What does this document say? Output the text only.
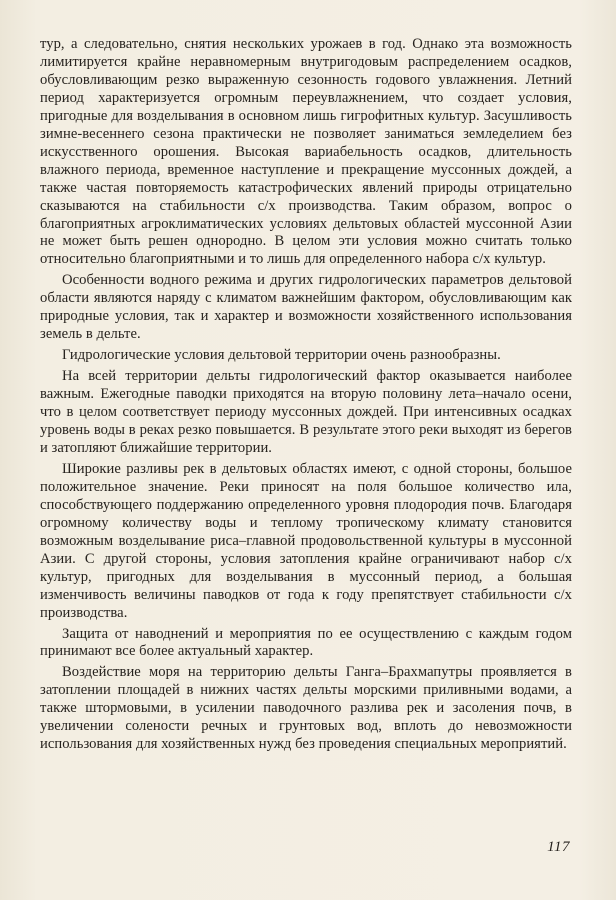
тур, а следовательно, снятия нескольких урожаев в год. Однако эта возможность лимитируется крайне неравномерным внутригодовым распределением осадков, обусловливающим резко выраженную сезонность годового увлажнения. Летний период характеризуется огромным переувлажнением, что создает условия, пригодные для возделывания в основном лишь гигрофитных культур. Засушливость зимне-весеннего сезона практически не позволяет заниматься земледелием без искусственного орошения. Высокая вариабельность осадков, длительность влажного периода, временное наступление и прекращение муссонных дождей, а также частая повторяемость катастрофических явлений природы отрицательно сказываются на стабильности с/х производства. Таким образом, вопрос о благоприятных агроклиматических условиях дельтовых областей муссонной Азии не может быть решен однородно. В целом эти условия можно считать только относительно благоприятными и то лишь для определенного набора с/х культур.

Особенности водного режима и других гидрологических параметров дельтовой области являются наряду с климатом важнейшим фактором, обусловливающим как природные условия, так и характер и возможности хозяйственного использования земель в дельте.

Гидрологические условия дельтовой территории очень разнообразны.

На всей территории дельты гидрологический фактор оказывается наиболее важным. Ежегодные паводки приходятся на вторую половину лета–начало осени, что в целом соответствует периоду муссонных дождей. При интенсивных осадках уровень воды в реках резко повышается. В результате этого реки выходят из берегов и затопляют ближайшие территории.

Широкие разливы рек в дельтовых областях имеют, с одной стороны, большое положительное значение. Реки приносят на поля большое количество ила, способствующего поддержанию определенного уровня плодородия почв. Благодаря огромному количеству воды и теплому тропическому климату становится возможным возделывание риса–главной продовольственной культуры в муссонной Азии. С другой стороны, условия затопления крайне ограничивают набор с/х культур, пригодных для возделывания в муссонный период, а большая изменчивость величины паводков от года к году препятствует стабильности с/х производства.

Защита от наводнений и мероприятия по ее осуществлению с каждым годом принимают все более актуальный характер.

Воздействие моря на территорию дельты Ганга–Брахмапутры проявляется в затоплении площадей в нижних частях дельты морскими приливными водами, а также штормовыми, в усилении паводочного разлива рек и засоления почв, в увеличении солености речных и грунтовых вод, вплоть до невозможности использования для хозяйственных нужд без проведения специальных мероприятий.

117
